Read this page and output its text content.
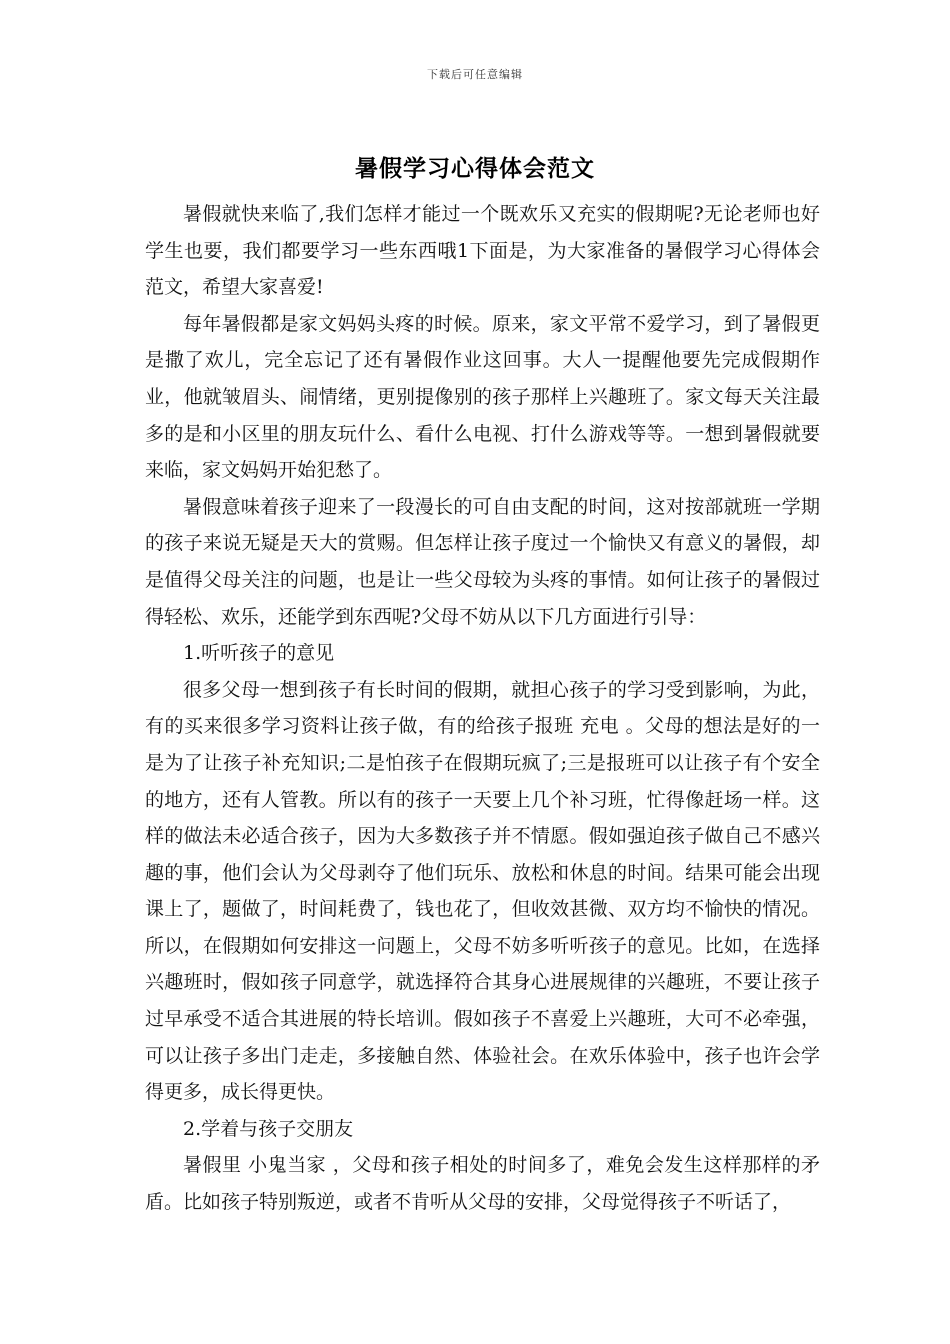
下载后可任意编辑
暑假学习心得体会范文

暑假就快来临了,我们怎样才能过一个既欢乐又充实的假期呢?无论老师也好学生也要，我们都要学习一些东西哦1下面是，为大家准备的暑假学习心得体会范文，希望大家喜爱!

每年暑假都是家文妈妈头疼的时候。原来，家文平常不爱学习，到了暑假更是撒了欢儿，完全忘记了还有暑假作业这回事。大人一提醒他要先完成假期作业，他就皱眉头、闹情绪，更别提像别的孩子那样上兴趣班了。家文每天关注最多的是和小区里的朋友玩什么、看什么电视、打什么游戏等等。一想到暑假就要来临，家文妈妈开始犯愁了。

暑假意味着孩子迎来了一段漫长的可自由支配的时间，这对按部就班一学期的孩子来说无疑是天大的赏赐。但怎样让孩子度过一个愉快又有意义的暑假，却是值得父母关注的问题，也是让一些父母较为头疼的事情。如何让孩子的暑假过得轻松、欢乐，还能学到东西呢?父母不妨从以下几方面进行引导：

1.听听孩子的意见

很多父母一想到孩子有长时间的假期，就担心孩子的学习受到影响，为此，有的买来很多学习资料让孩子做，有的给孩子报班 充电 。父母的想法是好的一是为了让孩子补充知识;二是怕孩子在假期玩疯了;三是报班可以让孩子有个安全的地方，还有人管教。所以有的孩子一天要上几个补习班，忙得像赶场一样。这样的做法未必适合孩子，因为大多数孩子并不情愿。假如强迫孩子做自己不感兴趣的事，他们会认为父母剥夺了他们玩乐、放松和休息的时间。结果可能会出现课上了，题做了，时间耗费了，钱也花了，但收效甚微、双方均不愉快的情况。所以，在假期如何安排这一问题上，父母不妨多听听孩子的意见。比如，在选择兴趣班时，假如孩子同意学，就选择符合其身心进展规律的兴趣班，不要让孩子过早承受不适合其进展的特长培训。假如孩子不喜爱上兴趣班，大可不必牵强，可以让孩子多出门走走，多接触自然、体验社会。在欢乐体验中，孩子也许会学得更多，成长得更快。

2.学着与孩子交朋友

暑假里 小鬼当家 ，父母和孩子相处的时间多了，难免会发生这样那样的矛盾。比如孩子特别叛逆，或者不肯听从父母的安排，父母觉得孩子不听话了，
